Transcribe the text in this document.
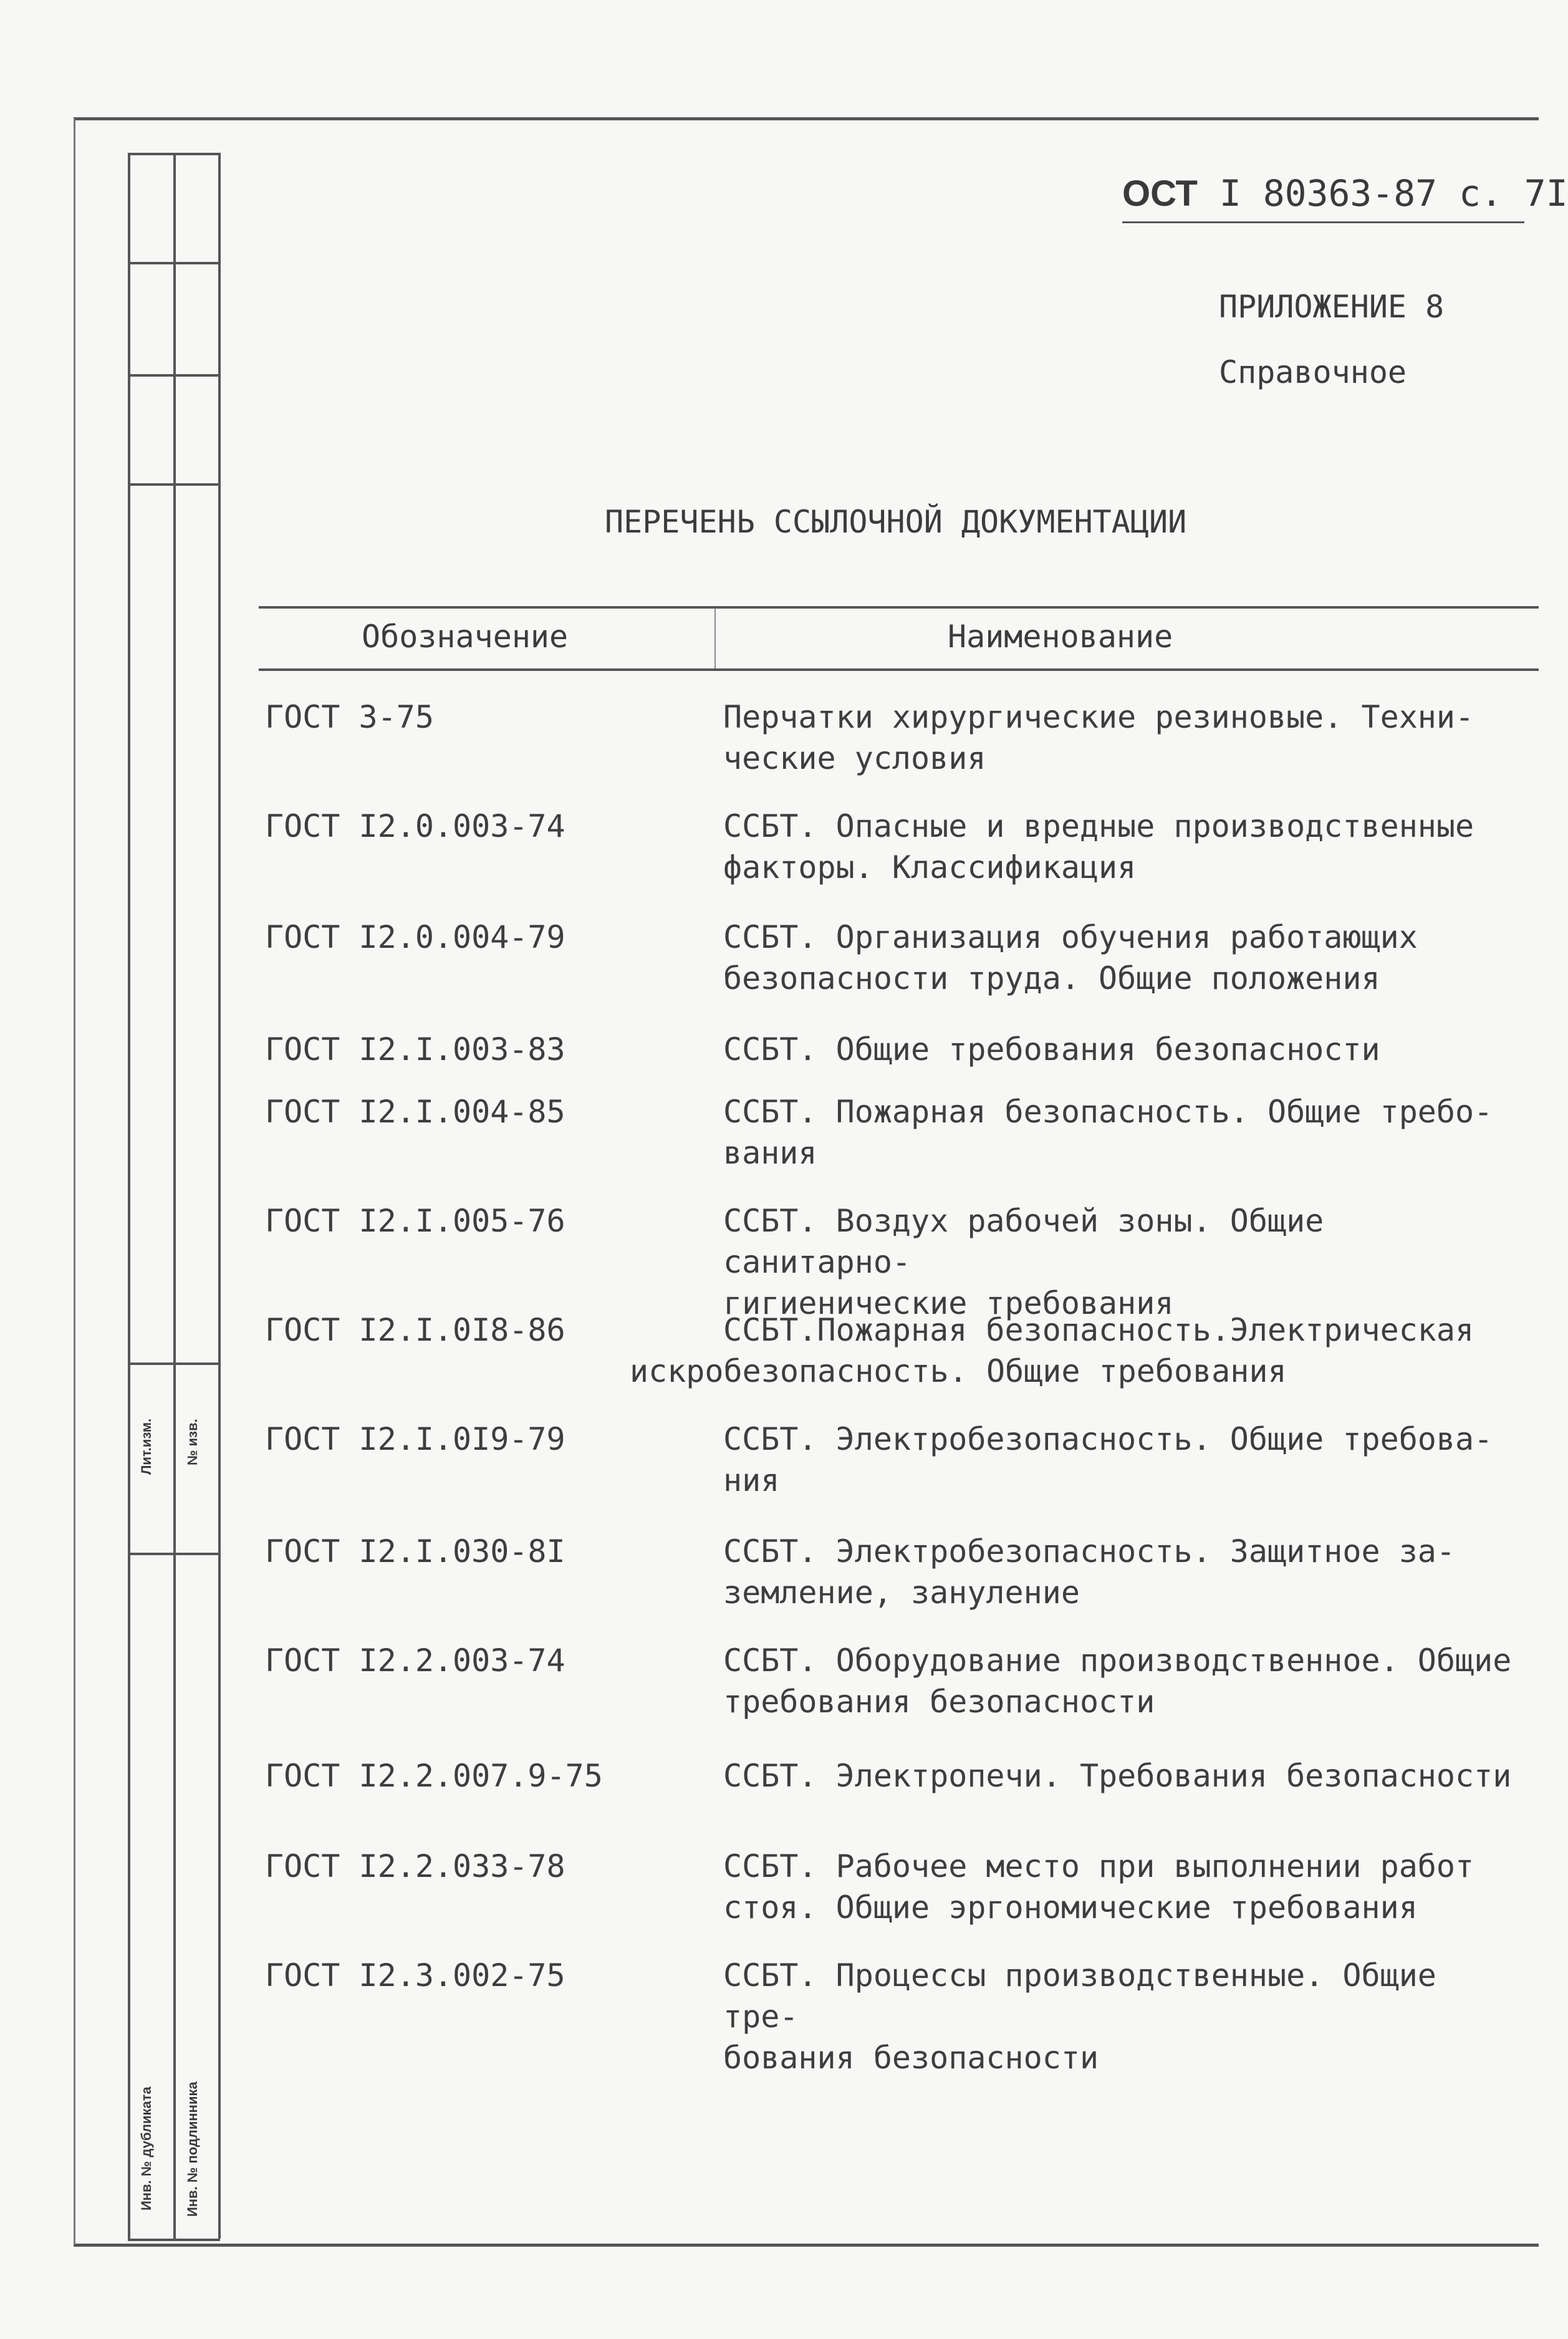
Лит.изм. № изв.
Инв. № дубликата Инв. № подлинника
ОСТ I 80363-87 с. 7I
ПРИЛОЖЕНИЕ 8
Справочное
ПЕРЕЧЕНЬ ССЫЛОЧНОЙ ДОКУМЕНТАЦИИ
Обозначение	Наименование
ГОСТ 3-75	Перчатки хирургические резиновые. Техни-
ческие условия
ГОСТ I2.0.003-74	ССБТ. Опасные и вредные производственные
факторы. Классификация
ГОСТ I2.0.004-79	ССБТ. Организация обучения работающих
безопасности труда. Общие положения
ГОСТ I2.I.003-83	ССБТ. Общие требования безопасности
ГОСТ I2.I.004-85	ССБТ. Пожарная безопасность. Общие требо-
вания
ГОСТ I2.I.005-76	ССБТ. Воздух рабочей зоны. Общие санитарно-
гигиенические требования
ГОСТ I2.I.0I8-86	ССБТ.Пожарная безопасность.Электрическая
искробезопасность. Общие требования
ГОСТ I2.I.0I9-79	ССБТ. Электробезопасность. Общие требова-
ния
ГОСТ I2.I.030-8I	ССБТ. Электробезопасность. Защитное за-
земление, зануление
ГОСТ I2.2.003-74	ССБТ. Оборудование производственное. Общие
требования безопасности
ГОСТ I2.2.007.9-75	ССБТ. Электропечи. Требования безопасности
ГОСТ I2.2.033-78	ССБТ. Рабочее место при выполнении работ
стоя. Общие эргономические требования
ГОСТ I2.3.002-75	ССБТ. Процессы производственные. Общие тре-
бования безопасности
